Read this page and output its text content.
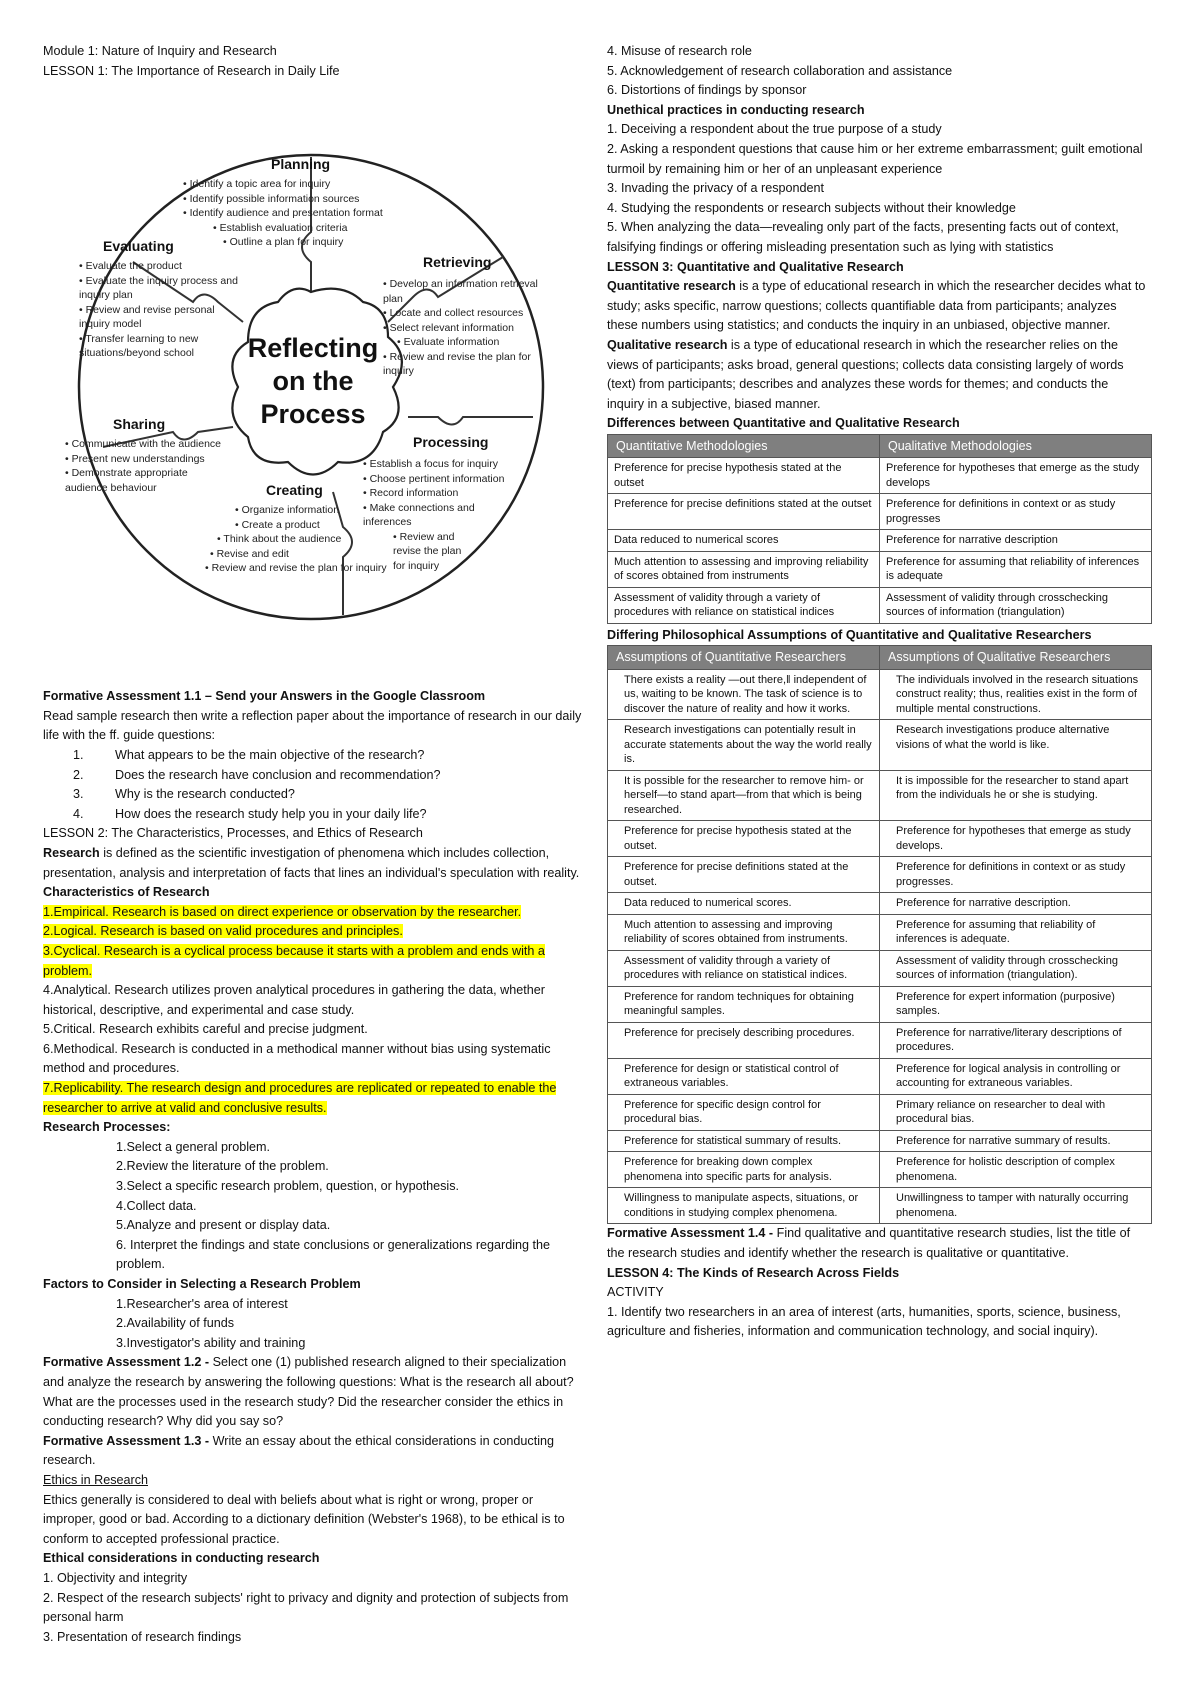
Module 1: Nature of Inquiry and Research
LESSON 1: The Importance of Research in Daily Life
Planning
• Identify a topic area for inquiry
• Identify possible information sources
• Identify audience and presentation format
• Establish evaluation criteria
• Outline a plan for inquiry
Evaluating
• Evaluate the product
• Evaluate the inquiry process and inquiry plan
• Review and revise personal inquiry model
• Transfer learning to new situations/beyond school
Retrieving
• Develop an information retrieval plan
• Locate and collect resources
• Select relevant information
• Evaluate information
• Review and revise the plan for inquiry
Reflecting on the Process
Sharing
• Communicate with the audience
• Present new understandings
• Demonstrate appropriate audience behaviour
Processing
• Establish a focus for inquiry
• Choose pertinent information
• Record information
• Make connections and inferences
• Review and revise the plan for inquiry
Creating
• Organize information
• Create a product
• Think about the audience
• Revise and edit
• Review and revise the plan for inquiry
Formative Assessment 1.1 – Send your Answers in the Google Classroom
Read sample research then write a reflection paper about the importance of research in our daily life with the ff. guide questions:
1.	What appears to be the main objective of the research?
2.	Does the research have conclusion and recommendation?
3.	Why is the research conducted?
4.	How does the research study help you in your daily life?
LESSON 2: The Characteristics, Processes, and Ethics of Research
Research is defined as the scientific investigation of phenomena which includes collection, presentation, analysis and interpretation of facts that lines an individual's speculation with reality.
Characteristics of Research
1.Empirical. Research is based on direct experience or observation by the researcher.
2.Logical. Research is based on valid procedures and principles.
3.Cyclical. Research is a cyclical process because it starts with a problem and ends with a problem.
4.Analytical. Research utilizes proven analytical procedures in gathering the data, whether historical, descriptive, and experimental and case study.
5.Critical. Research exhibits careful and precise judgment.
6.Methodical. Research is conducted in a methodical manner without bias using systematic method and procedures.
7.Replicability. The research design and procedures are replicated or repeated to enable the researcher to arrive at valid and conclusive results.
Research Processes:
1.Select a general problem.
2.Review the literature of the problem.
3.Select a specific research problem, question, or hypothesis.
4.Collect data.
5.Analyze and present or display data.
6. Interpret the findings and state conclusions or generalizations regarding the problem.
Factors to Consider in Selecting a Research Problem
1.Researcher's area of interest
2.Availability of funds
3.Investigator's ability and training
Formative Assessment 1.2 - Select one (1) published research aligned to their specialization and analyze the research by answering the following questions: What is the research all about? What are the processes used in the research study? Did the researcher consider the ethics in conducting research? Why did you say so?
Formative Assessment 1.3 - Write an essay about the ethical considerations in conducting research.
Ethics in Research
Ethics generally is considered to deal with beliefs about what is right or wrong, proper or improper, good or bad. According to a dictionary definition (Webster's 1968), to be ethical is to conform to accepted professional practice.
Ethical considerations in conducting research
1. Objectivity and integrity
2. Respect of the research subjects' right to privacy and dignity and protection of subjects from personal harm
3. Presentation of research findings
4. Misuse of research role
5. Acknowledgement of research collaboration and assistance
6. Distortions of findings by sponsor
Unethical practices in conducting research
1. Deceiving a respondent about the true purpose of a study
2. Asking a respondent questions that cause him or her extreme embarrassment; guilt emotional turmoil by remaining him or her of an unpleasant experience
3. Invading the privacy of a respondent
4. Studying the respondents or research subjects without their knowledge
5. When analyzing the data—revealing only part of the facts, presenting facts out of context, falsifying findings or offering misleading presentation such as lying with statistics
LESSON 3: Quantitative and Qualitative Research
Quantitative research is a type of educational research in which the researcher decides what to study; asks specific, narrow questions; collects quantifiable data from participants; analyzes these numbers using statistics; and conducts the inquiry in an unbiased, objective manner. Qualitative research is a type of educational research in which the researcher relies on the views of participants; asks broad, general questions; collects data consisting largely of words (text) from participants; describes and analyzes these words for themes; and conducts the inquiry in a subjective, biased manner.
Differences between Quantitative and Qualitative Research
Quantitative Methodologies	Qualitative Methodologies
Preference for precise hypothesis stated at the outset	Preference for hypotheses that emerge as the study develops
Preference for precise definitions stated at the outset	Preference for definitions in context or as study progresses
Data reduced to numerical scores	Preference for narrative description
Much attention to assessing and improving reliability of scores obtained from instruments	Preference for assuming that reliability of inferences is adequate
Assessment of validity through a variety of procedures with reliance on statistical indices	Assessment of validity through crosschecking sources of information (triangulation)
Differing Philosophical Assumptions of Quantitative and Qualitative Researchers
Assumptions of Quantitative Researchers	Assumptions of Qualitative Researchers
There exists a reality —out there,‖ independent of us, waiting to be known. The task of science is to discover the nature of reality and how it works.	The individuals involved in the research situations construct reality; thus, realities exist in the form of multiple mental constructions.
Research investigations can potentially result in accurate statements about the way the world really is.	Research investigations produce alternative visions of what the world is like.
It is possible for the researcher to remove him- or herself—to stand apart—from that which is being researched.	It is impossible for the researcher to stand apart from the individuals he or she is studying.
Preference for precise hypothesis stated at the outset.	Preference for hypotheses that emerge as study develops.
Preference for precise definitions stated at the outset.	Preference for definitions in context or as study progresses.
Data reduced to numerical scores.	Preference for narrative description.
Much attention to assessing and improving reliability of scores obtained from instruments.	Preference for assuming that reliability of inferences is adequate.
Assessment of validity through a variety of procedures with reliance on statistical indices.	Assessment of validity through crosschecking sources of information (triangulation).
Preference for random techniques for obtaining meaningful samples.	Preference for expert information (purposive) samples.
Preference for precisely describing procedures.	Preference for narrative/literary descriptions of procedures.
Preference for design or statistical control of extraneous variables.	Preference for logical analysis in controlling or accounting for extraneous variables.
Preference for specific design control for procedural bias.	Primary reliance on researcher to deal with procedural bias.
Preference for statistical summary of results.	Preference for narrative summary of results.
Preference for breaking down complex phenomena into specific parts for analysis.	Preference for holistic description of complex phenomena.
Willingness to manipulate aspects, situations, or conditions in studying complex phenomena.	Unwillingness to tamper with naturally occurring phenomena.
Formative Assessment 1.4 - Find qualitative and quantitative research studies, list the title of the research studies and identify whether the research is qualitative or quantitative.
LESSON 4: The Kinds of Research Across Fields
ACTIVITY
1. Identify two researchers in an area of interest (arts, humanities, sports, science, business, agriculture and fisheries, information and communication technology, and social inquiry).
